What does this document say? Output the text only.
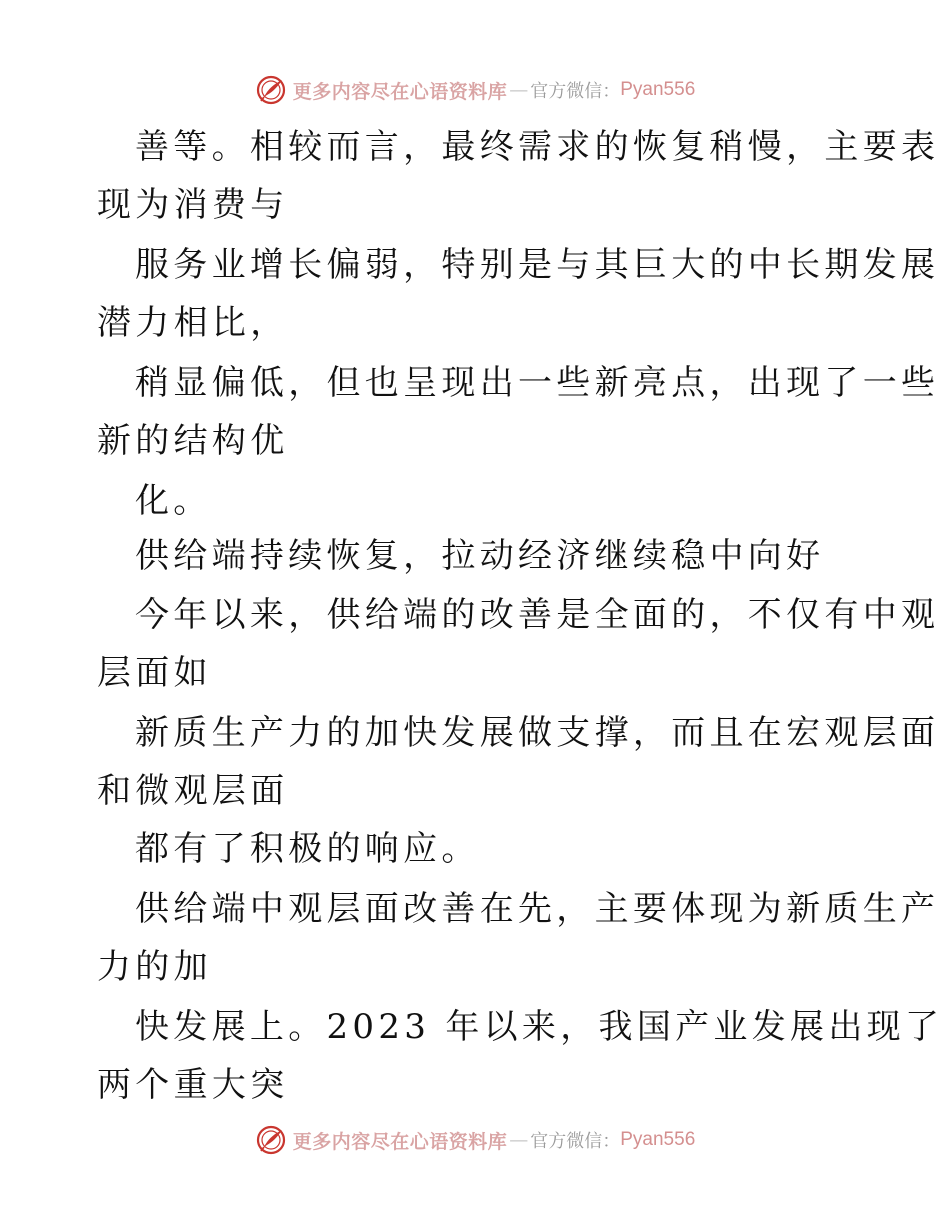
更多内容尽在心语资料库 — 官方微信： Pyan556
善等。相较而言，最终需求的恢复稍慢，主要表
现为消费与
服务业增长偏弱，特别是与其巨大的中长期发展
潜力相比，
稍显偏低，但也呈现出一些新亮点，出现了一些
新的结构优
化。
供给端持续恢复，拉动经济继续稳中向好
今年以来，供给端的改善是全面的，不仅有中观
层面如
新质生产力的加快发展做支撑，而且在宏观层面
和微观层面
都有了积极的响应。
供给端中观层面改善在先，主要体现为新质生产
力的加
快发展上。2023 年以来，我国产业发展出现了
两个重大突
更多内容尽在心语资料库 — 官方微信： Pyan556
